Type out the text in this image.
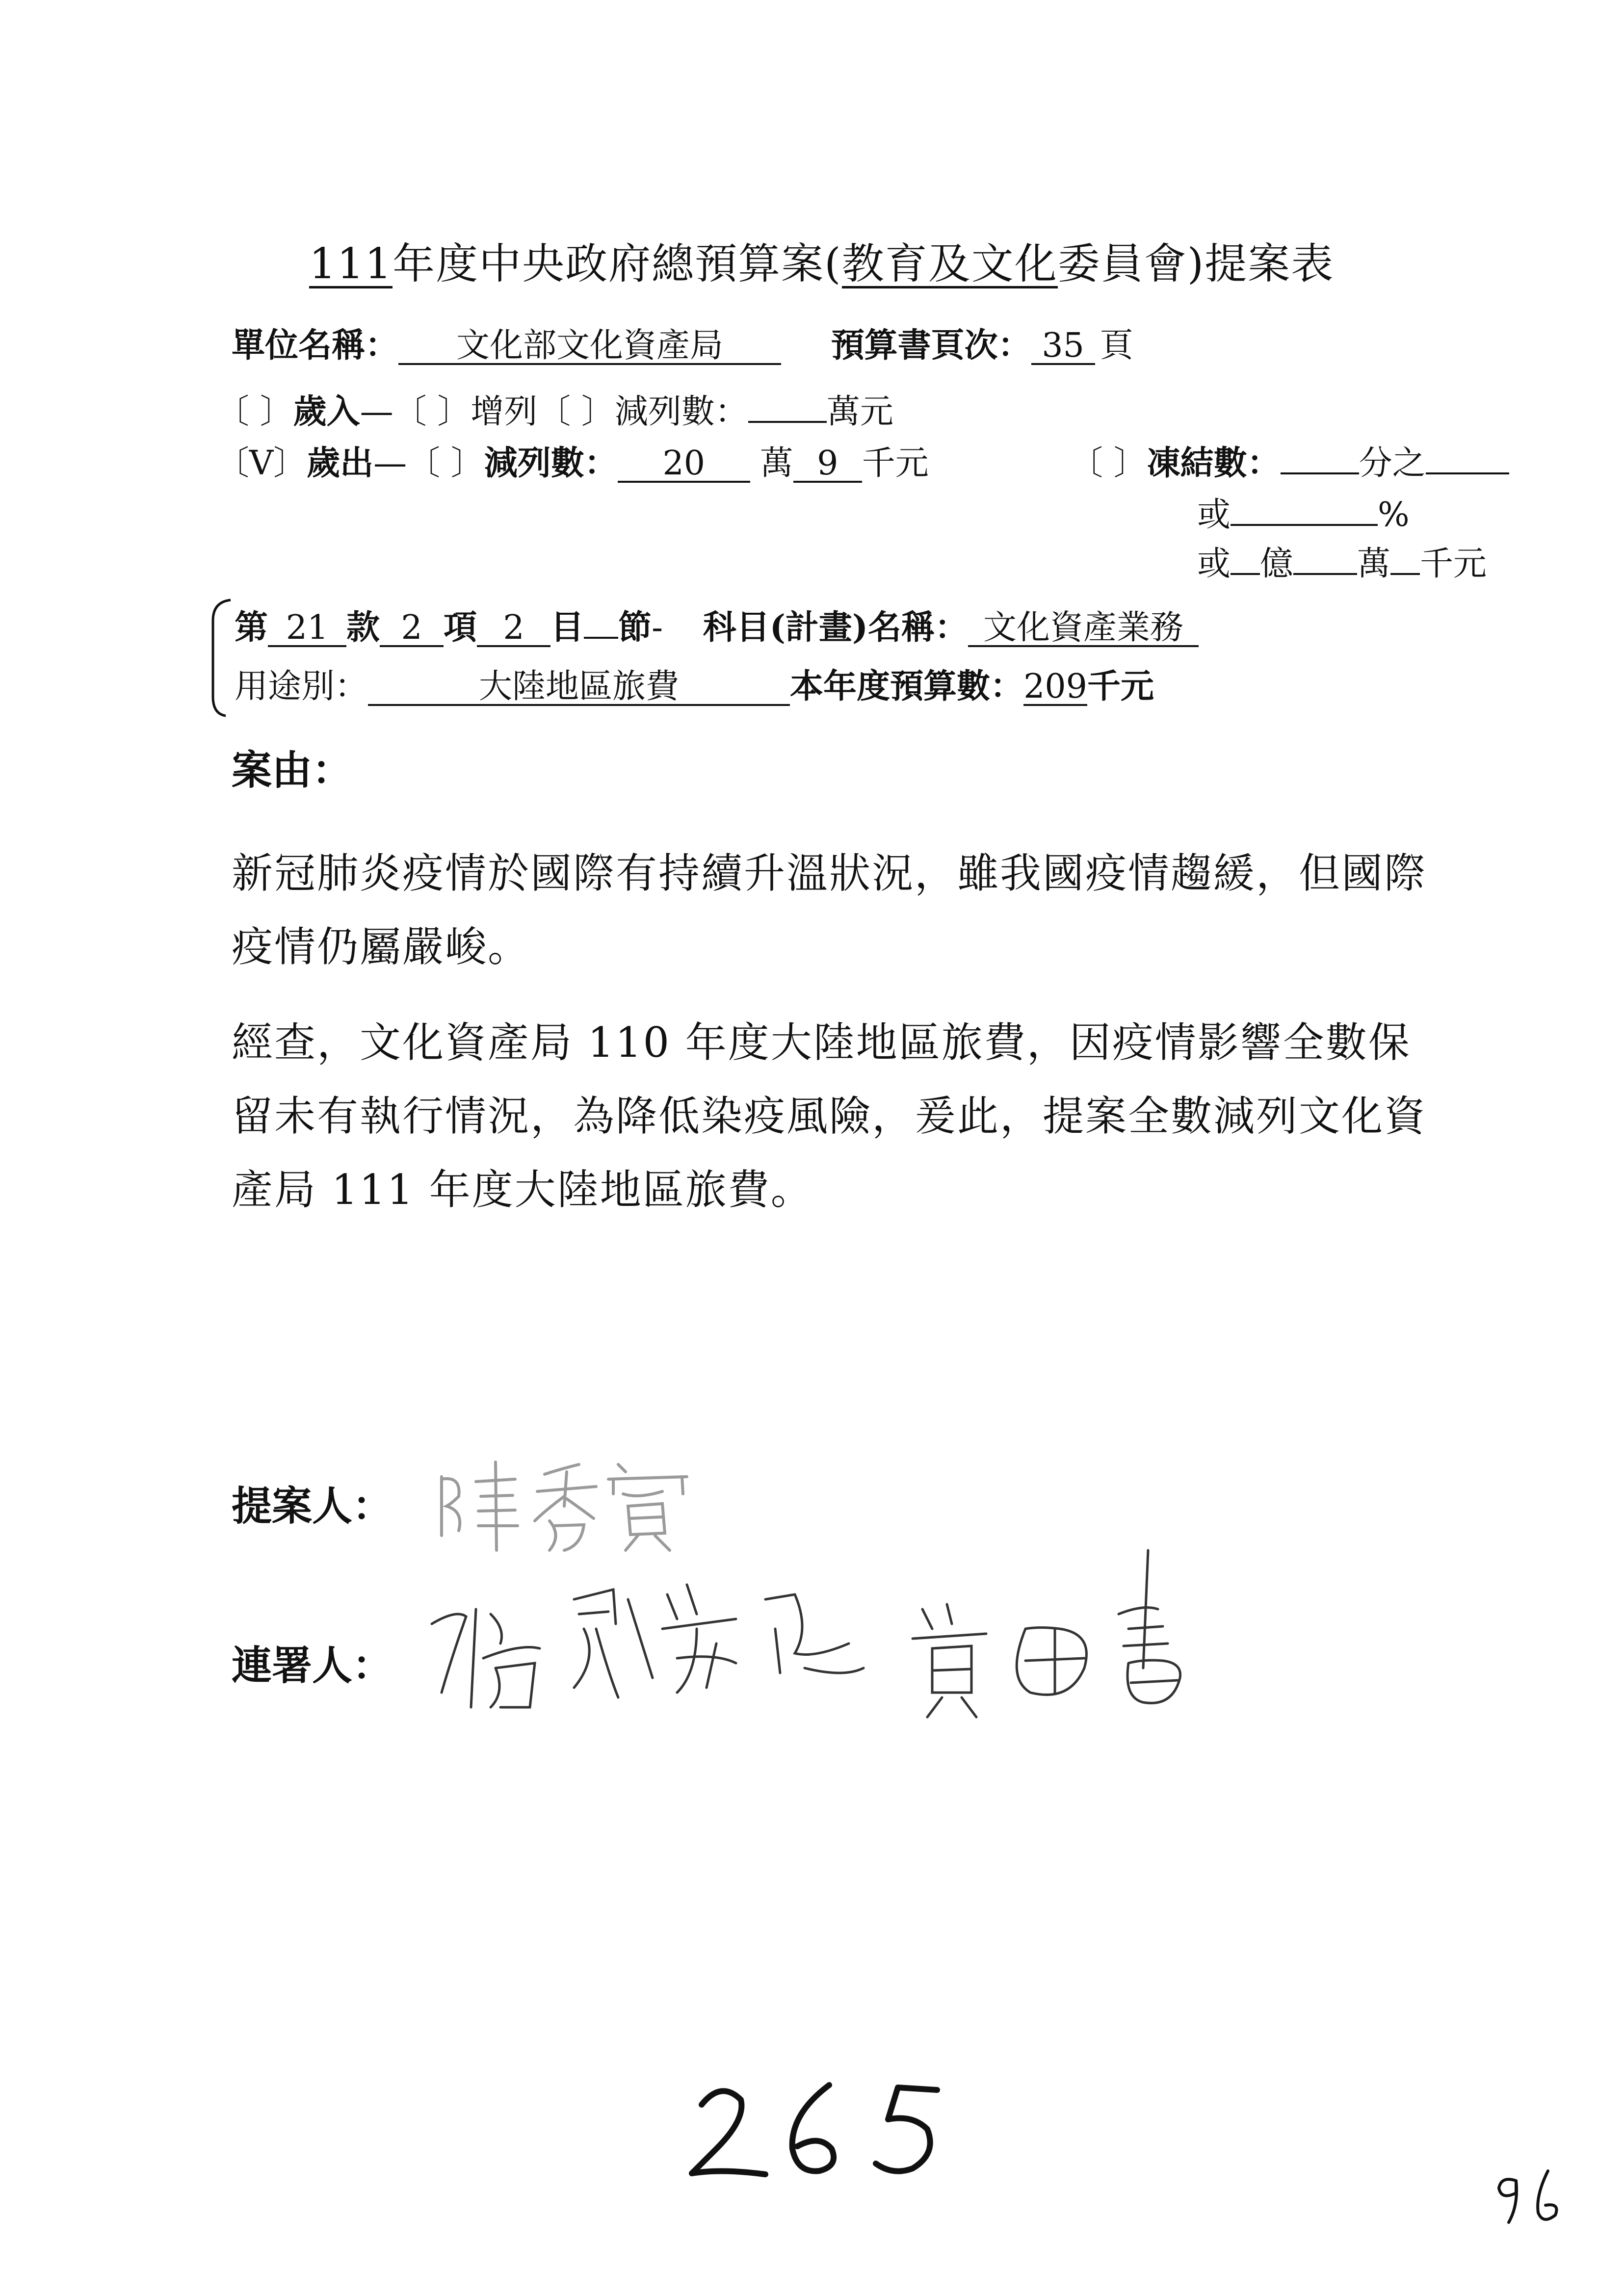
111年度中央政府總預算案(教育及文化委員會)提案表
單位名稱： 文化部文化資產局	預算書頁次： 35 頁
〔 〕歲入—〔 〕增列〔 〕減列數： 萬元
〔V〕歲出—〔 〕減列數： 20 萬 9 千元	〔 〕凍結數： 分之
或	%
或 億 萬 千元
第 21 款 2 項 2 目 節- 科目(計畫)名稱： 文化資產業務
用途別：	大陸地區旅費	本年度預算數：209千元
案由：
新冠肺炎疫情於國際有持續升溫狀況，雖我國疫情趨緩，但國際疫情仍屬嚴峻。
經查，文化資產局 110 年度大陸地區旅費，因疫情影響全數保留未有執行情況，為降低染疫風險，爰此，提案全數減列文化資產局 111 年度大陸地區旅費。
提案人：
連署人：
